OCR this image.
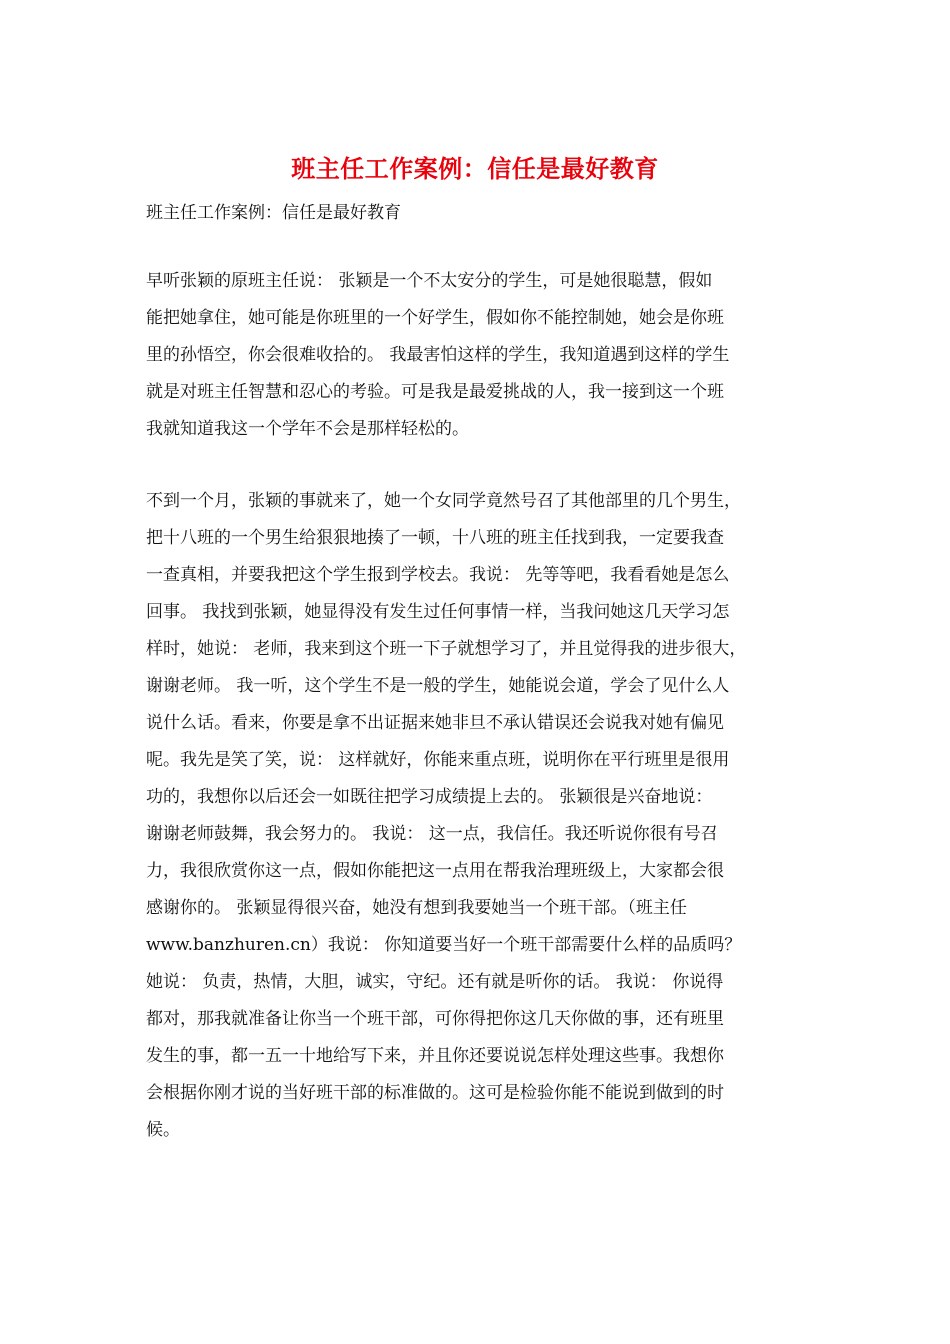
班主任工作案例：信任是最好教育
班主任工作案例：信任是最好教育
早听张颖的原班主任说： 张颖是一个不太安分的学生，可是她很聪慧，假如
能把她拿住，她可能是你班里的一个好学生，假如你不能控制她，她会是你班
里的孙悟空，你会很难收拾的。 我最害怕这样的学生，我知道遇到这样的学生
就是对班主任智慧和忍心的考验。可是我是最爱挑战的人，我一接到这一个班
我就知道我这一个学年不会是那样轻松的。
不到一个月，张颖的事就来了，她一个女同学竟然号召了其他部里的几个男生，
把十八班的一个男生给狠狠地揍了一顿，十八班的班主任找到我，一定要我查
一查真相，并要我把这个学生报到学校去。我说： 先等等吧，我看看她是怎么
回事。 我找到张颖，她显得没有发生过任何事情一样，当我问她这几天学习怎
样时，她说： 老师，我来到这个班一下子就想学习了，并且觉得我的进步很大，
谢谢老师。 我一听，这个学生不是一般的学生，她能说会道，学会了见什么人
说什么话。看来，你要是拿不出证据来她非旦不承认错误还会说我对她有偏见
呢。我先是笑了笑，说： 这样就好，你能来重点班，说明你在平行班里是很用
功的，我想你以后还会一如既往把学习成绩提上去的。 张颖很是兴奋地说：
谢谢老师鼓舞，我会努力的。 我说： 这一点，我信任。我还听说你很有号召
力，我很欣赏你这一点，假如你能把这一点用在帮我治理班级上，大家都会很
感谢你的。 张颖显得很兴奋，她没有想到我要她当一个班干部。（班主任
www.banzhuren.cn）我说： 你知道要当好一个班干部需要什么样的品质吗？
她说： 负责，热情，大胆，诚实，守纪。还有就是听你的话。 我说： 你说得
都对，那我就准备让你当一个班干部，可你得把你这几天你做的事，还有班里
发生的事，都一五一十地给写下来，并且你还要说说怎样处理这些事。我想你
会根据你刚才说的当好班干部的标准做的。这可是检验你能不能说到做到的时
候。
